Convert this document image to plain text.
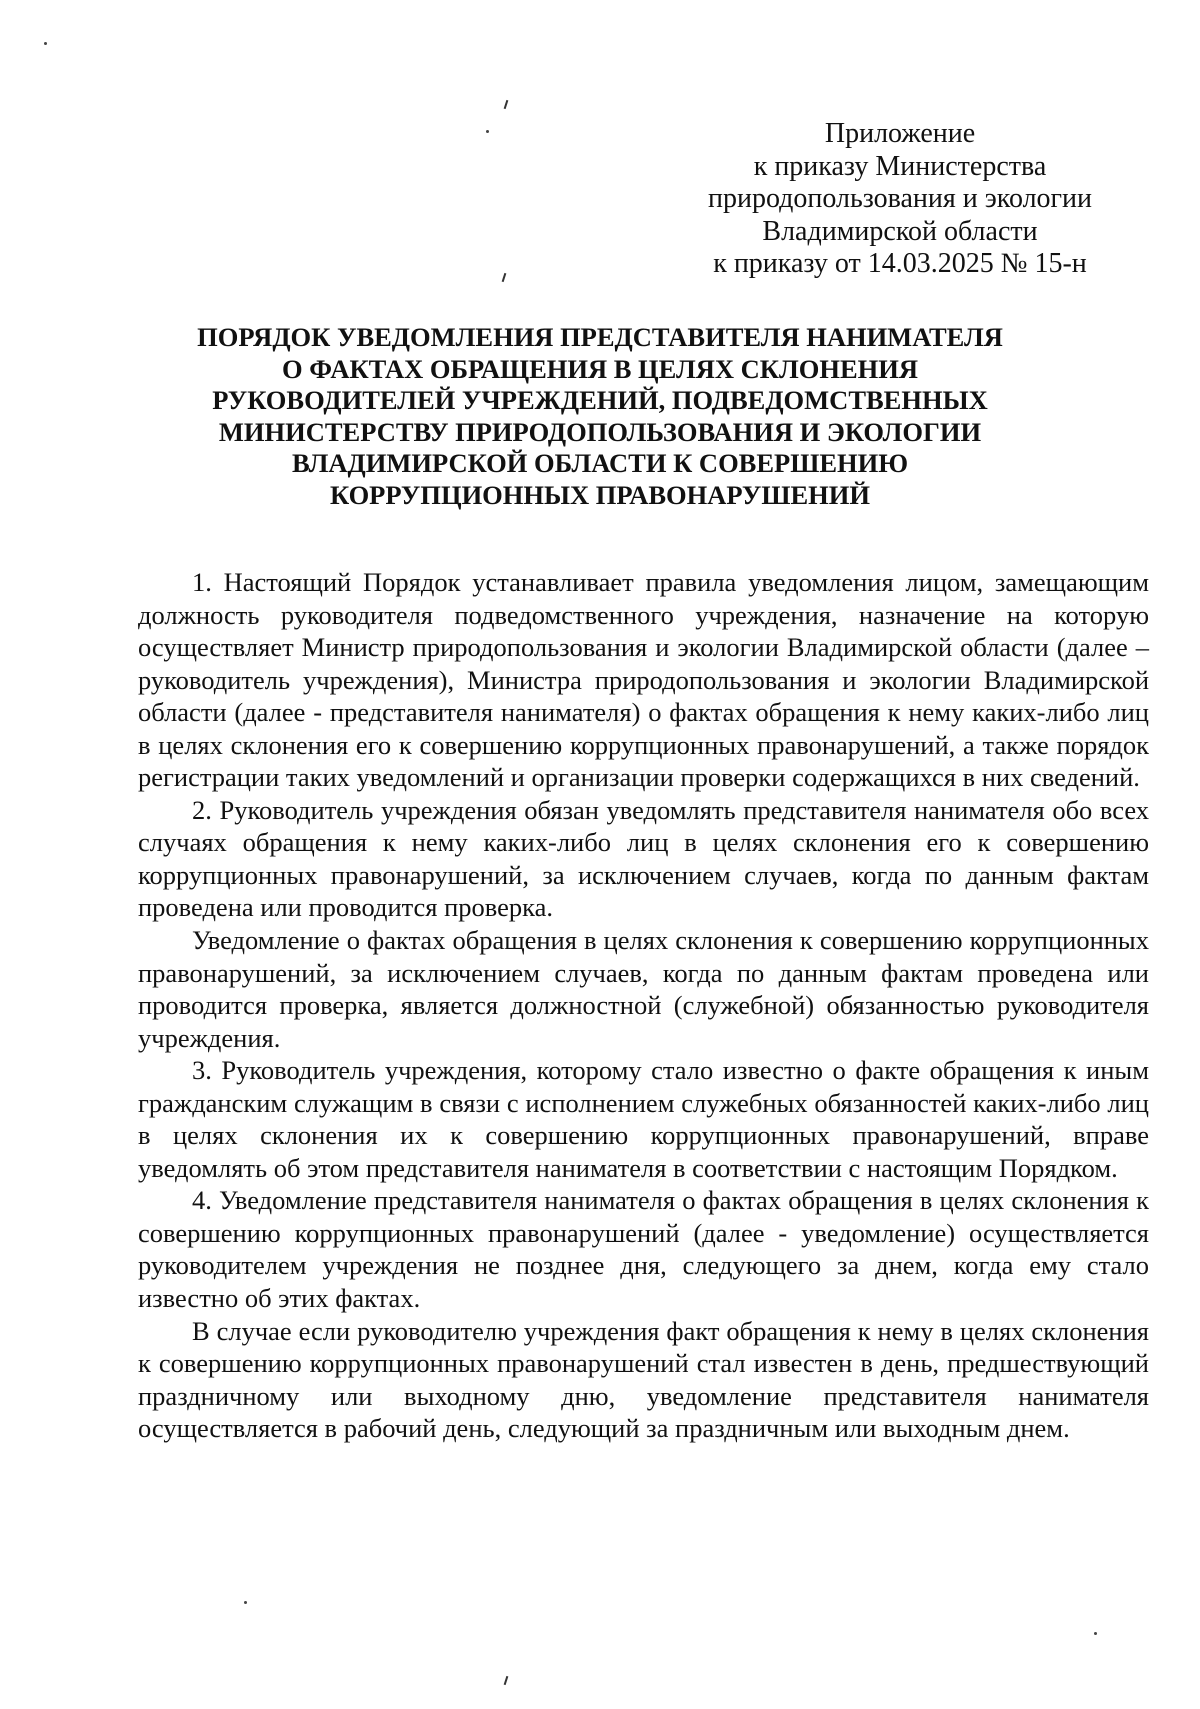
Приложение
к приказу Министерства
природопользования и экологии
Владимирской области
к приказу от 14.03.2025 № 15-н
ПОРЯДОК УВЕДОМЛЕНИЯ ПРЕДСТАВИТЕЛЯ НАНИМАТЕЛЯ
О ФАКТАХ ОБРАЩЕНИЯ В ЦЕЛЯХ СКЛОНЕНИЯ
РУКОВОДИТЕЛЕЙ УЧРЕЖДЕНИЙ, ПОДВЕДОМСТВЕННЫХ
МИНИСТЕРСТВУ ПРИРОДОПОЛЬЗОВАНИЯ И ЭКОЛОГИИ
ВЛАДИМИРСКОЙ ОБЛАСТИ К СОВЕРШЕНИЮ
КОРРУПЦИОННЫХ ПРАВОНАРУШЕНИЙ

1. Настоящий Порядок устанавливает правила уведомления лицом, замещающим должность руководителя подведомственного учреждения, назначение на которую осуществляет Министр природопользования и экологии Владимирской области (далее – руководитель учреждения), Министра природопользования и экологии Владимирской области (далее - представителя нанимателя) о фактах обращения к нему каких-либо лиц в целях склонения его к совершению коррупционных правонарушений, а также порядок регистрации таких уведомлений и организации проверки содержащихся в них сведений.

2. Руководитель учреждения обязан уведомлять представителя нанимателя обо всех случаях обращения к нему каких-либо лиц в целях склонения его к совершению коррупционных правонарушений, за исключением случаев, когда по данным фактам проведена или проводится проверка.

Уведомление о фактах обращения в целях склонения к совершению коррупционных правонарушений, за исключением случаев, когда по данным фактам проведена или проводится проверка, является должностной (служебной) обязанностью руководителя учреждения.

3. Руководитель учреждения, которому стало известно о факте обращения к иным гражданским служащим в связи с исполнением служебных обязанностей каких-либо лиц в целях склонения их к совершению коррупционных правонарушений, вправе уведомлять об этом представителя нанимателя в соответствии с настоящим Порядком.

4. Уведомление представителя нанимателя о фактах обращения в целях склонения к совершению коррупционных правонарушений (далее - уведомление) осуществляется руководителем учреждения не позднее дня, следующего за днем, когда ему стало известно об этих фактах.

В случае если руководителю учреждения факт обращения к нему в целях склонения к совершению коррупционных правонарушений стал известен в день, предшествующий праздничному или выходному дню, уведомление представителя нанимателя осуществляется в рабочий день, следующий за праздничным или выходным днем.
